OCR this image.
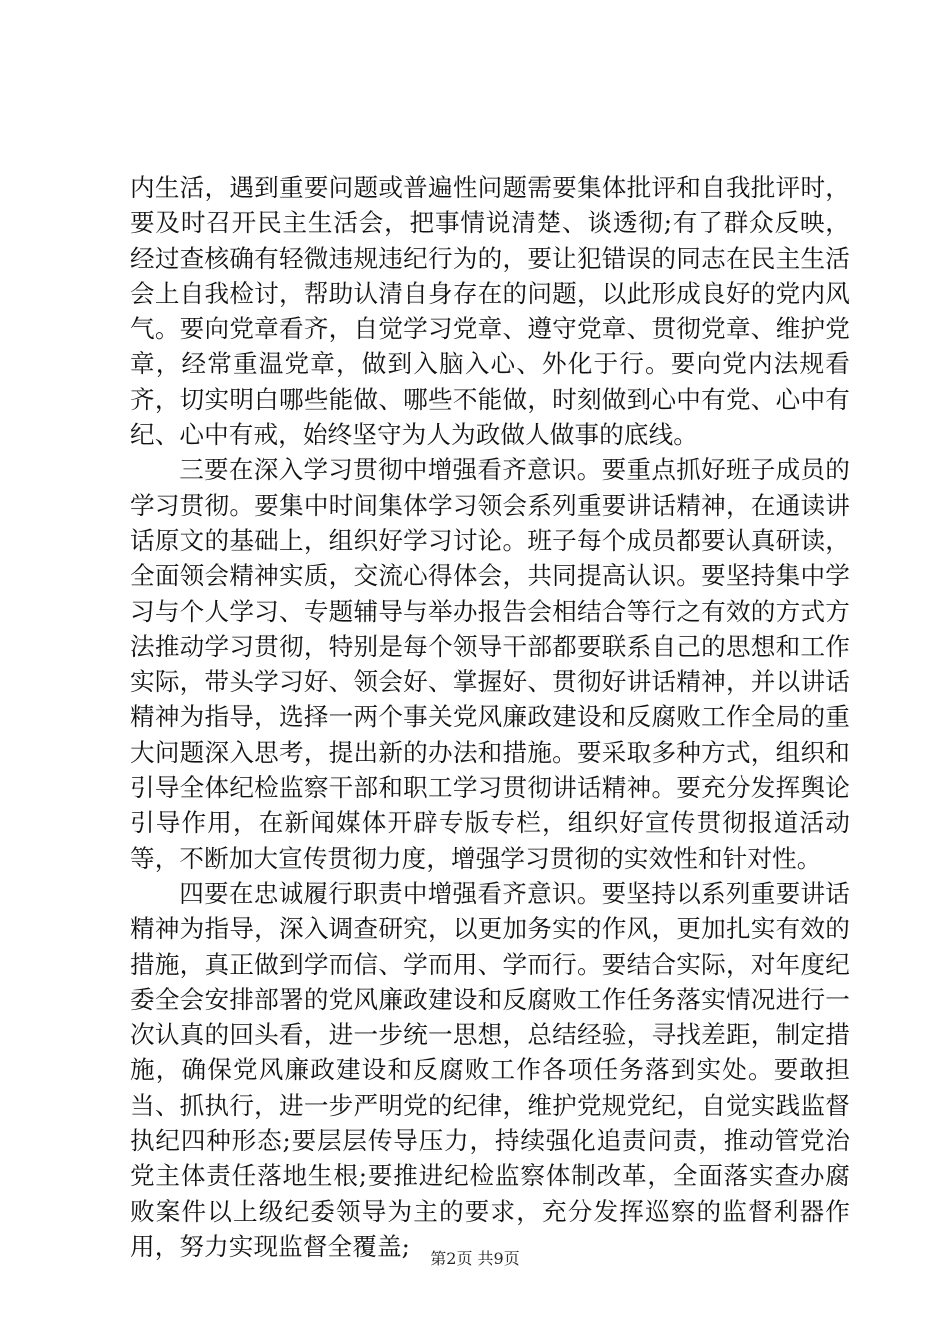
内生活，遇到重要问题或普遍性问题需要集体批评和自我批评时，要及时召开民主生活会，把事情说清楚、谈透彻;有了群众反映，经过查核确有轻微违规违纪行为的，要让犯错误的同志在民主生活会上自我检讨，帮助认清自身存在的问题，以此形成良好的党内风气。要向党章看齐，自觉学习党章、遵守党章、贯彻党章、维护党章，经常重温党章，做到入脑入心、外化于行。要向党内法规看齐，切实明白哪些能做、哪些不能做，时刻做到心中有党、心中有纪、心中有戒，始终坚守为人为政做人做事的底线。

三要在深入学习贯彻中增强看齐意识。要重点抓好班子成员的学习贯彻。要集中时间集体学习领会系列重要讲话精神，在通读讲话原文的基础上，组织好学习讨论。班子每个成员都要认真研读，全面领会精神实质，交流心得体会，共同提高认识。要坚持集中学习与个人学习、专题辅导与举办报告会相结合等行之有效的方式方法推动学习贯彻，特别是每个领导干部都要联系自己的思想和工作实际，带头学习好、领会好、掌握好、贯彻好讲话精神，并以讲话精神为指导，选择一两个事关党风廉政建设和反腐败工作全局的重大问题深入思考，提出新的办法和措施。要采取多种方式，组织和引导全体纪检监察干部和职工学习贯彻讲话精神。要充分发挥舆论引导作用，在新闻媒体开辟专版专栏，组织好宣传贯彻报道活动等，不断加大宣传贯彻力度，增强学习贯彻的实效性和针对性。

四要在忠诚履行职责中增强看齐意识。要坚持以系列重要讲话精神为指导，深入调查研究，以更加务实的作风，更加扎实有效的措施，真正做到学而信、学而用、学而行。要结合实际，对年度纪委全会安排部署的党风廉政建设和反腐败工作任务落实情况进行一次认真的回头看，进一步统一思想，总结经验，寻找差距，制定措施，确保党风廉政建设和反腐败工作各项任务落到实处。要敢担当、抓执行，进一步严明党的纪律，维护党规党纪，自觉实践监督执纪四种形态;要层层传导压力，持续强化追责问责，推动管党治党主体责任落地生根;要推进纪检监察体制改革，全面落实查办腐败案件以上级纪委领导为主的要求，充分发挥巡察的监督利器作用，努力实现监督全覆盖;	第2页 共9页
